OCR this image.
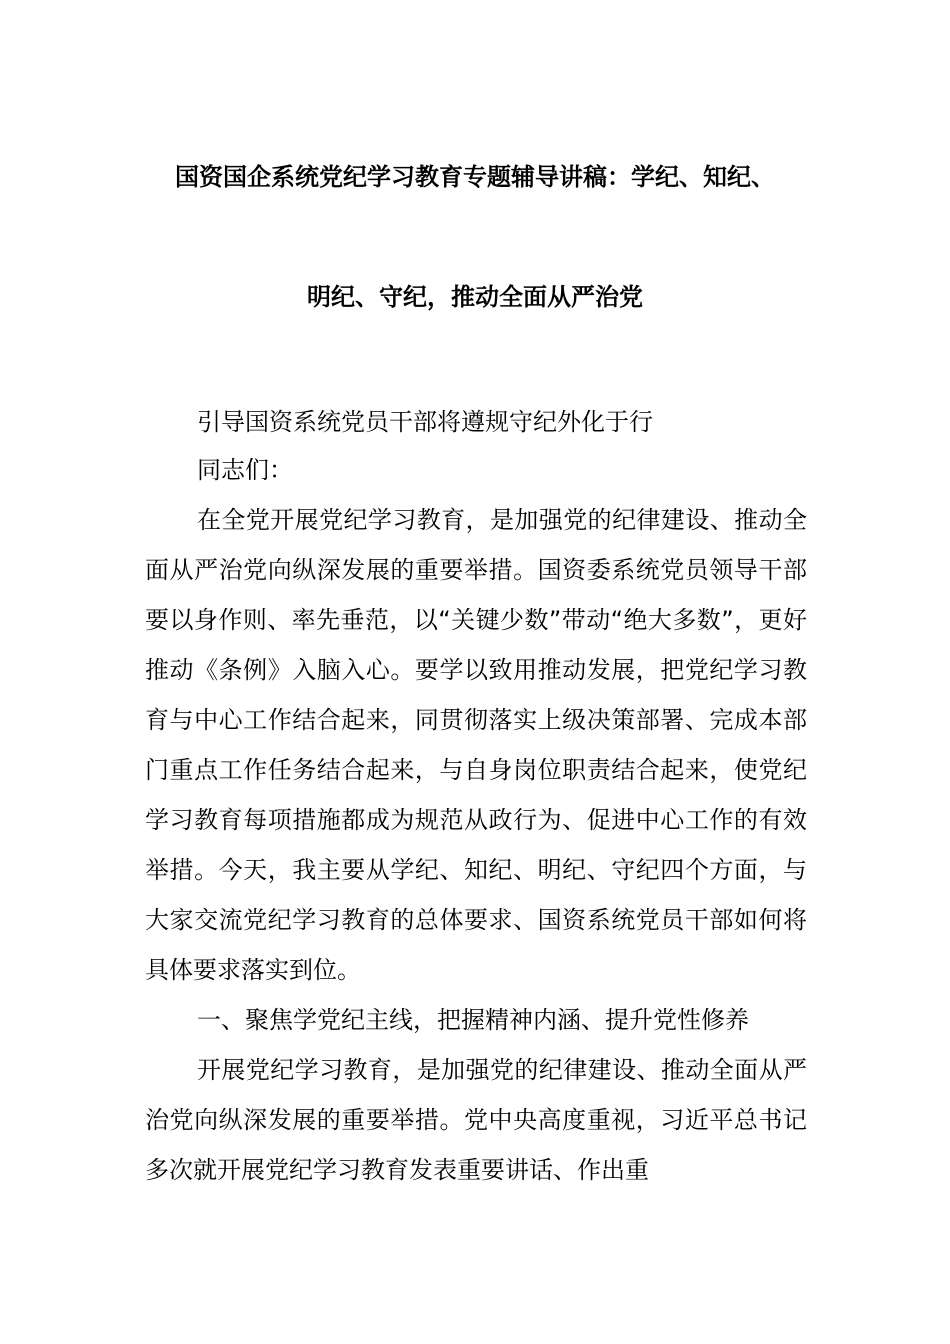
国资国企系统党纪学习教育专题辅导讲稿：学纪、知纪、
明纪、守纪，推动全面从严治党
引导国资系统党员干部将遵规守纪外化于行
同志们：
在全党开展党纪学习教育，是加强党的纪律建设、推动全面从严治党向纵深发展的重要举措。国资委系统党员领导干部要以身作则、率先垂范，以“关键少数”带动“绝大多数”，更好推动《条例》入脑入心。要学以致用推动发展，把党纪学习教育与中心工作结合起来，同贯彻落实上级决策部署、完成本部门重点工作任务结合起来，与自身岗位职责结合起来，使党纪学习教育每项措施都成为规范从政行为、促进中心工作的有效举措。今天，我主要从学纪、知纪、明纪、守纪四个方面，与大家交流党纪学习教育的总体要求、国资系统党员干部如何将具体要求落实到位。
一、聚焦学党纪主线，把握精神内涵、提升党性修养
开展党纪学习教育，是加强党的纪律建设、推动全面从严治党向纵深发展的重要举措。党中央高度重视，习近平总书记多次就开展党纪学习教育发表重要讲话、作出重
